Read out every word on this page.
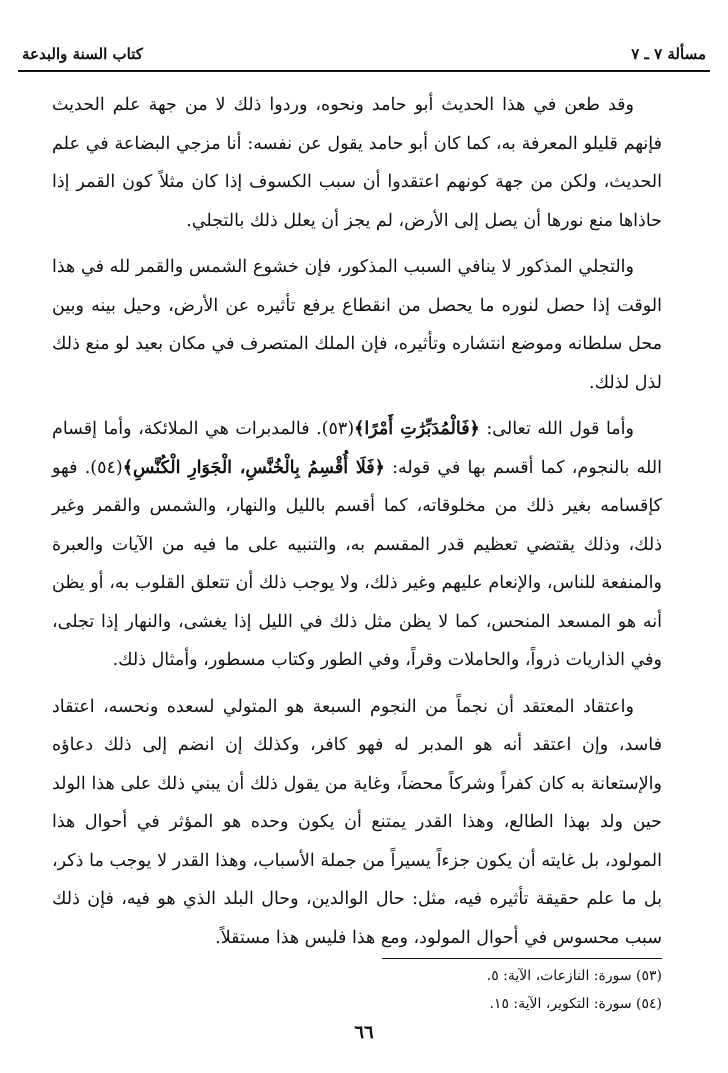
مسألة ٧ ـ ٧
كتاب السنة والبدعة

وقد طعن في هذا الحديث أبو حامد ونحوه، وردوا ذلك لا من جهة علم الحديث فإنهم قليلو المعرفة به، كما كان أبو حامد يقول عن نفسه: أنا مزجي البضاعة في علم الحديث، ولكن من جهة كونهم اعتقدوا أن سبب الكسوف إذا كان مثلاً كون القمر إذا حاذاها منع نورها أن يصل إلى الأرض، لم يجز أن يعلل ذلك بالتجلي.

والتجلي المذكور لا ينافي السبب المذكور، فإن خشوع الشمس والقمر لله في هذا الوقت إذا حصل لنوره ما يحصل من انقطاع يرفع تأثيره عن الأرض، وحيل بينه وبين محل سلطانه وموضع انتشاره وتأثيره، فإن الملك المتصرف في مكان بعيد لو منع ذلك لذل لذلك.

وأما قول الله تعالى: ﴿فَالْمُدَبِّرَٰتِ أَمْرًا﴾(٥٣). فالمدبرات هي الملائكة، وأما إقسام الله بالنجوم، كما أقسم بها في قوله: ﴿فَلَا أُقْسِمُ بِالْخُنَّسِ، الْجَوَارِ الْكُنَّسِ﴾(٥٤). فهو كإقسامه بغير ذلك من مخلوقاته، كما أقسم بالليل والنهار، والشمس والقمر وغير ذلك، وذلك يقتضي تعظيم قدر المقسم به، والتنبيه على ما فيه من الآيات والعبرة والمنفعة للناس، والإنعام عليهم وغير ذلك، ولا يوجب ذلك أن تتعلق القلوب به، أو يظن أنه هو المسعد المنحس، كما لا يظن مثل ذلك في الليل إذا يغشى، والنهار إذا تجلى، وفي الذاريات ذرواً، والحاملات وقراً، وفي الطور وكتاب مسطور، وأمثال ذلك.

واعتقاد المعتقد أن نجماً من النجوم السبعة هو المتولي لسعده ونحسه، اعتقاد فاسد، وإن اعتقد أنه هو المدبر له فهو كافر، وكذلك إن انضم إلى ذلك دعاؤه والإستعانة به كان كفراً وشركاً محضاً، وغاية من يقول ذلك أن يبني ذلك على هذا الولد حين ولد بهذا الطالع، وهذا القدر يمتنع أن يكون وحده هو المؤثر في أحوال هذا المولود، بل غايته أن يكون جزءاً يسيراً من جملة الأسباب، وهذا القدر لا يوجب ما ذكر، بل ما علم حقيقة تأثيره فيه، مثل: حال الوالدين، وحال البلد الذي هو فيه، فإن ذلك سبب محسوس في أحوال المولود، ومع هذا فليس هذا مستقلاً.

(٥٣) سورة: النازعات، الآية: ٥.

(٥٤) سورة: التكوير، الآية: ١٥.

٦٦
